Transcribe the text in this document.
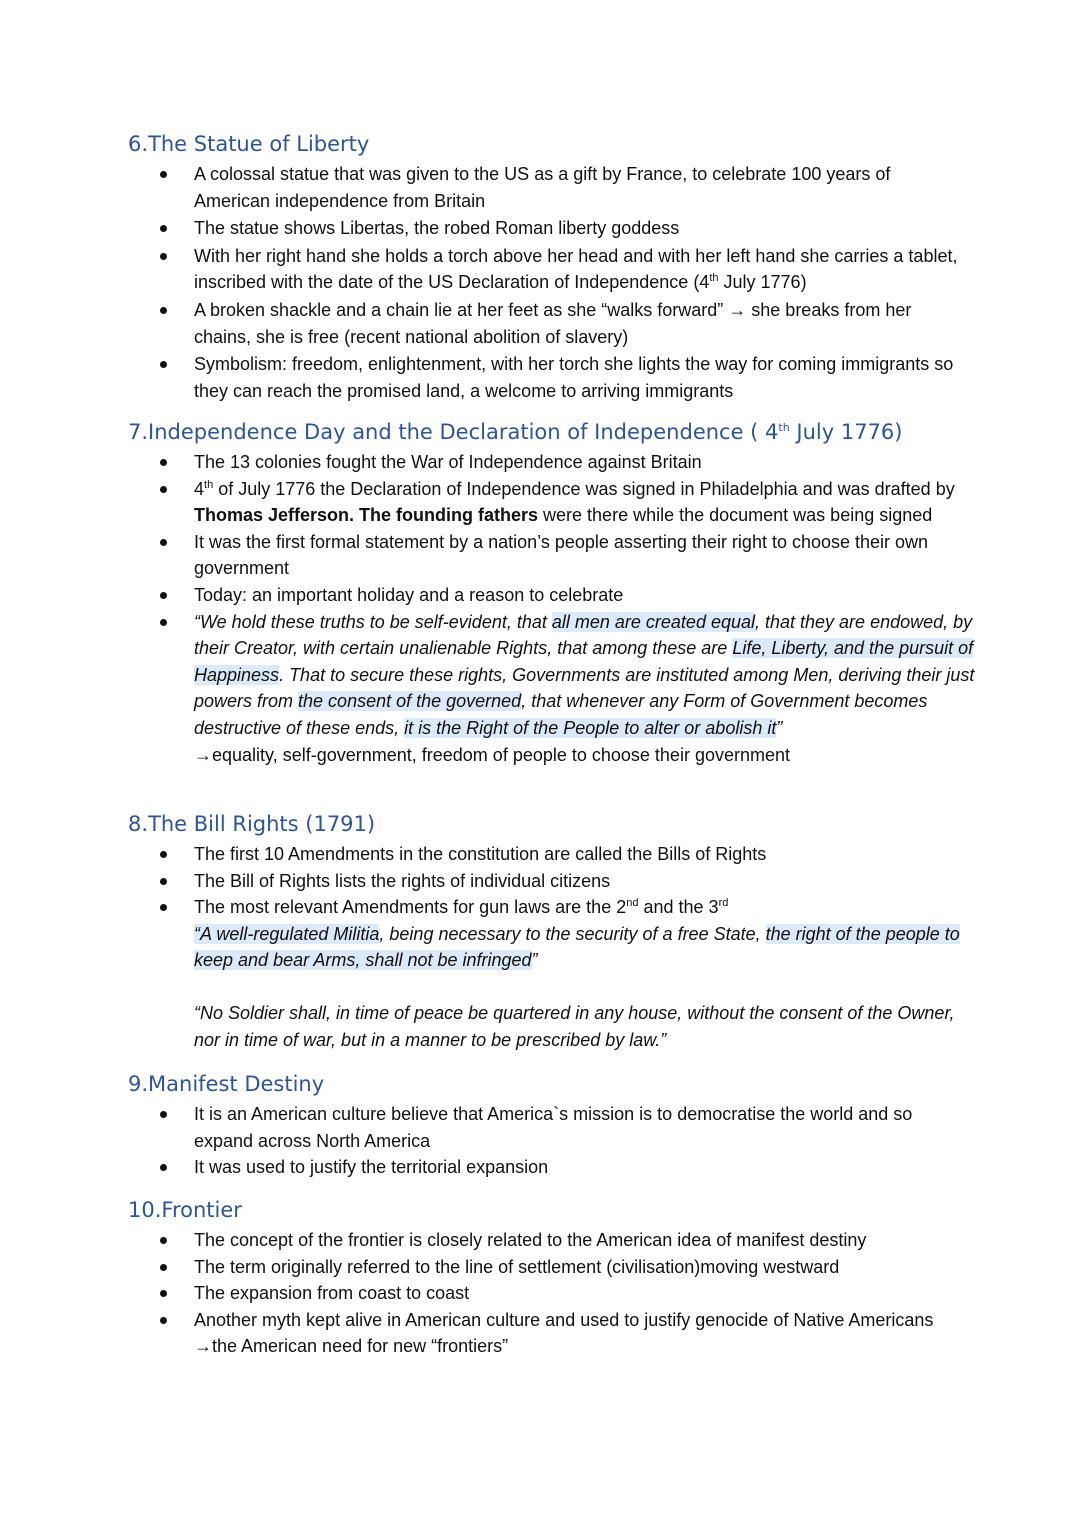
6.The Statue of Liberty
A colossal statue that was given to the US as a gift by France, to celebrate 100 years of American independence from Britain
The statue shows Libertas, the robed Roman liberty goddess
With her right hand she holds a torch above her head and with her left hand she carries a tablet, inscribed with the date of the US Declaration of Independence (4th July 1776)
A broken shackle and a chain lie at her feet as she “walks forward” → she breaks from her chains, she is free (recent national abolition of slavery)
Symbolism: freedom, enlightenment, with her torch she lights the way for coming immigrants so they can reach the promised land, a welcome to arriving immigrants
7.Independence Day and the Declaration of Independence ( 4th July 1776)
The 13 colonies fought the War of Independence against Britain
4th of July 1776 the Declaration of Independence was signed in Philadelphia and was drafted by Thomas Jefferson. The founding fathers were there while the document was being signed
It was the first formal statement by a nation’s people asserting their right to choose their own government
Today: an important holiday and a reason to celebrate
“We hold these truths to be self-evident, that all men are created equal, that they are endowed, by their Creator, with certain unalienable Rights, that among these are Life, Liberty, and the pursuit of Happiness. That to secure these rights, Governments are instituted among Men, deriving their just powers from the consent of the governed, that whenever any Form of Government becomes destructive of these ends, it is the Right of the People to alter or abolish it”
→equality, self-government, freedom of people to choose their government
8.The Bill Rights (1791)
The first 10 Amendments in the constitution are called the Bills of Rights
The Bill of Rights lists the rights of individual citizens
The most relevant Amendments for gun laws are the 2nd and the 3rd
“A well-regulated Militia, being necessary to the security of a free State, the right of the people to keep and bear Arms, shall not be infringed”
“No Soldier shall, in time of peace be quartered in any house, without the consent of the Owner, nor in time of war, but in a manner to be prescribed by law.”
9.Manifest Destiny
It is an American culture believe that America`s mission is to democratise the world and so expand across North America
It was used to justify the territorial expansion
10.Frontier
The concept of the frontier is closely related to the American idea of manifest destiny
The term originally referred to the line of settlement (civilisation)moving westward
The expansion from coast to coast
Another myth kept alive in American culture and used to justify genocide of Native Americans →the American need for new “frontiers”
